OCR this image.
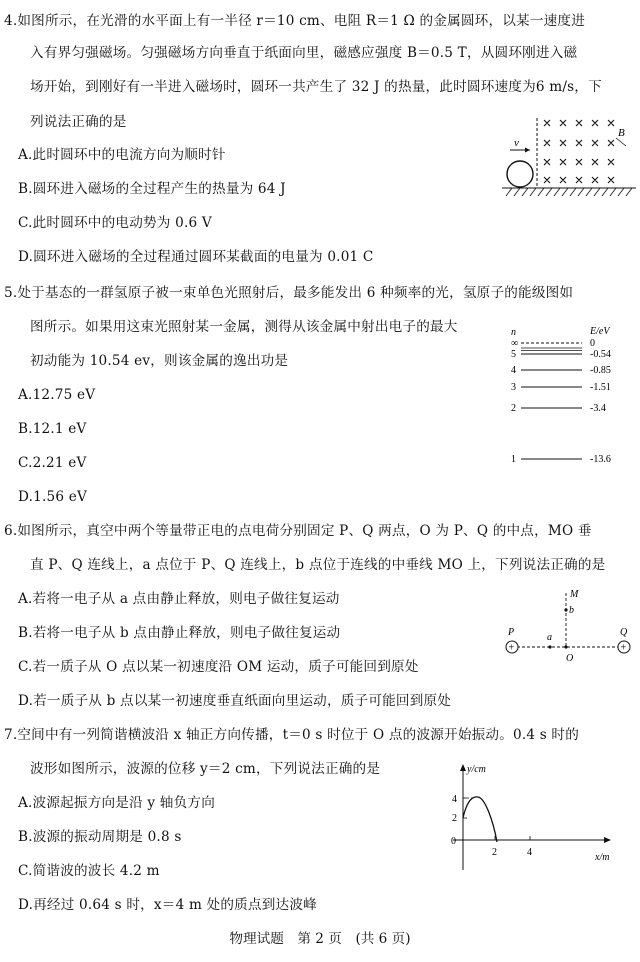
4.如图所示，在光滑的水平面上有一半径 r＝10 cm、电阻 R＝1 Ω 的金属圆环，以某一速度进
入有界匀强磁场。匀强磁场方向垂直于纸面向里，磁感应强度 B＝0.5 T，从圆环刚进入磁
场开始，到刚好有一半进入磁场时，圆环一共产生了 32 J 的热量，此时圆环速度为6 m/s，下
列说法正确的是
A.此时圆环中的电流方向为顺时针
B.圆环进入磁场的全过程产生的热量为 64 J
C.此时圆环中的电动势为 0.6 V
D.圆环进入磁场的全过程通过圆环某截面的电量为 0.01 C
v
B
5.处于基态的一群氢原子被一束单色光照射后，最多能发出 6 种频率的光，氢原子的能级图如
图所示。如果用这束光照射某一金属，测得从该金属中射出电子的最大
初动能为 10.54 ev，则该金属的逸出功是
A.12.75 eV
B.12.1 eV
C.2.21 eV
D.1.56 eV
n	E/eV
∞	0
5	-0.54
4	-0.85
3	-1.51
2	-3.4
1	-13.6
6.如图所示，真空中两个等量带正电的点电荷分别固定 P、Q 两点，O 为 P、Q 的中点，MO 垂
直 P、Q 连线上，a 点位于 P、Q 连线上，b 点位于连线的中垂线 MO 上，下列说法正确的是
A.若将一电子从 a 点由静止释放，则电子做往复运动
B.若将一电子从 b 点由静止释放，则电子做往复运动
C.若一质子从 O 点以某一初速度沿 OM 运动，质子可能回到原处
D.若一质子从 b 点以某一初速度垂直纸面向里运动，质子可能回到原处
+
P
+
Q
a
O
M
b
7.空间中有一列简谐横波沿 x 轴正方向传播，t＝0 s 时位于 O 点的波源开始振动。0.4 s 时的
波形如图所示，波源的位移 y＝2 cm，下列说法正确的是
A.波源起振方向是沿 y 轴负方向
B.波源的振动周期是 0.8 s
C.简谐波的波长 4.2 m
D.再经过 0.64 s 时，x＝4 m 处的质点到达波峰
y/cm
x/m
0
4
2
2	4
物理试题　第 2 页　(共 6 页)
